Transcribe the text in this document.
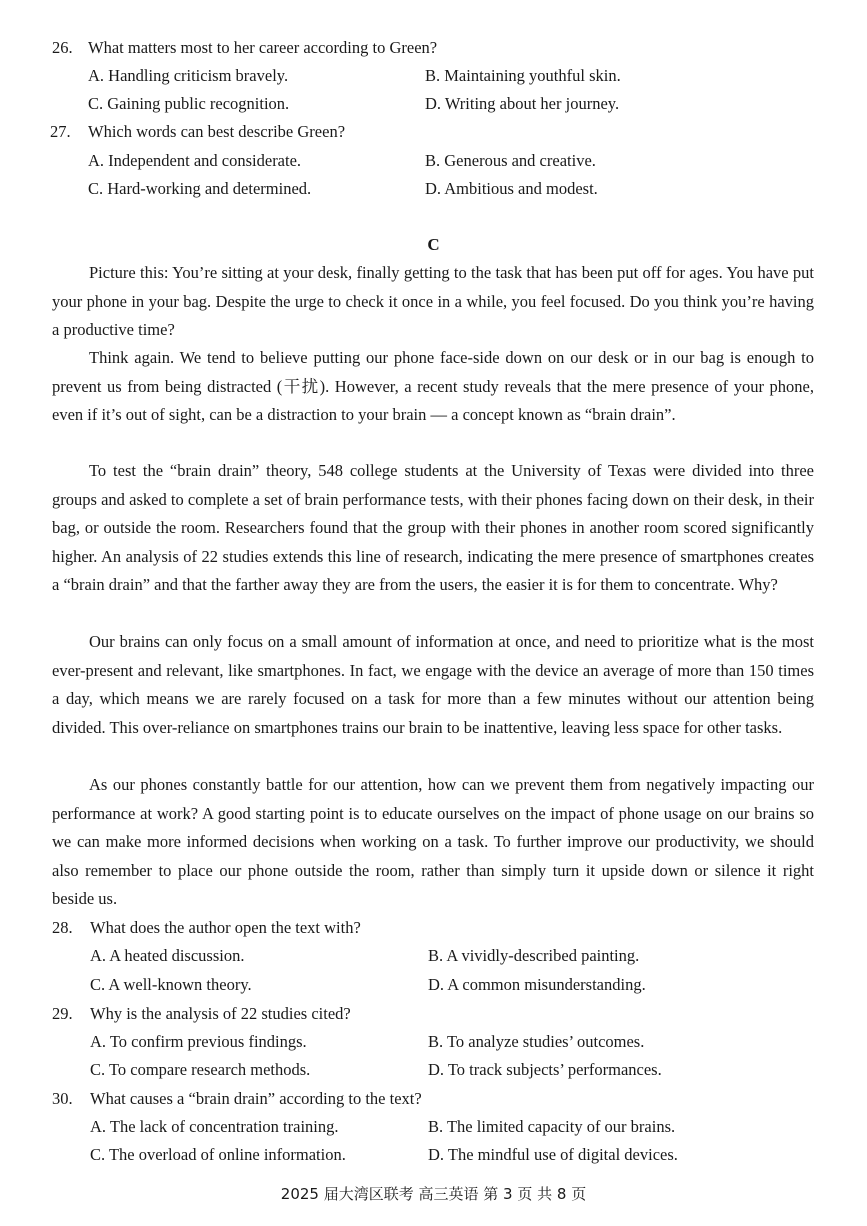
26. What matters most to her career according to Green?
A. Handling criticism bravely.	B. Maintaining youthful skin.
C. Gaining public recognition.	D. Writing about her journey.
27. Which words can best describe Green?
A. Independent and considerate.	B. Generous and creative.
C. Hard-working and determined.	D. Ambitious and modest.
C
Picture this: You’re sitting at your desk, finally getting to the task that has been put off for ages. You have put your phone in your bag. Despite the urge to check it once in a while, you feel focused. Do you think you’re having a productive time?
Think again. We tend to believe putting our phone face-side down on our desk or in our bag is enough to prevent us from being distracted (干扰). However, a recent study reveals that the mere presence of your phone, even if it’s out of sight, can be a distraction to your brain — a concept known as “brain drain”.
To test the “brain drain” theory, 548 college students at the University of Texas were divided into three groups and asked to complete a set of brain performance tests, with their phones facing down on their desk, in their bag, or outside the room. Researchers found that the group with their phones in another room scored significantly higher. An analysis of 22 studies extends this line of research, indicating the mere presence of smartphones creates a “brain drain” and that the farther away they are from the users, the easier it is for them to concentrate. Why?
Our brains can only focus on a small amount of information at once, and need to prioritize what is the most ever-present and relevant, like smartphones. In fact, we engage with the device an average of more than 150 times a day, which means we are rarely focused on a task for more than a few minutes without our attention being divided. This over-reliance on smartphones trains our brain to be inattentive, leaving less space for other tasks.
As our phones constantly battle for our attention, how can we prevent them from negatively impacting our performance at work? A good starting point is to educate ourselves on the impact of phone usage on our brains so we can make more informed decisions when working on a task. To further improve our productivity, we should also remember to place our phone outside the room, rather than simply turn it upside down or silence it right beside us.
28. What does the author open the text with?
A. A heated discussion.	B. A vividly-described painting.
C. A well-known theory.	D. A common misunderstanding.
29. Why is the analysis of 22 studies cited?
A. To confirm previous findings.	B. To analyze studies’ outcomes.
C. To compare research methods.	D. To track subjects’ performances.
30. What causes a “brain drain” according to the text?
A. The lack of concentration training.	B. The limited capacity of our brains.
C. The overload of online information.	D. The mindful use of digital devices.
2025 届大湾区联考 高三英语 第 3 页 共 8 页
